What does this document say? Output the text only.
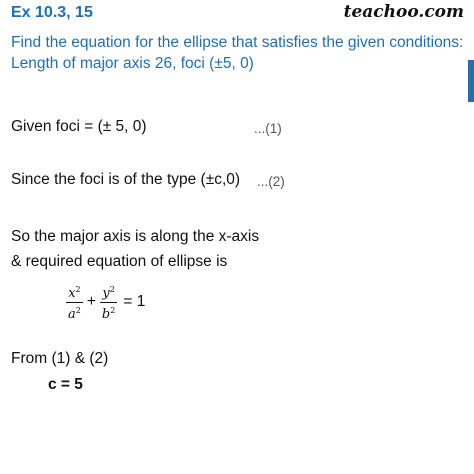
Ex 10.3, 15	teachoo.com
Find the equation for the ellipse that satisfies the given conditions:
Length of major axis 26, foci (±5, 0)
Given foci = (± 5, 0)	...(1)
Since the foci is of the type (±c,0) ...(2)
So the major axis is along the x-axis
& required equation of ellipse is
$\frac{x^2}{a^2} + \frac{y^2}{b^2} = 1$
From (1) & (2)
c = 5
